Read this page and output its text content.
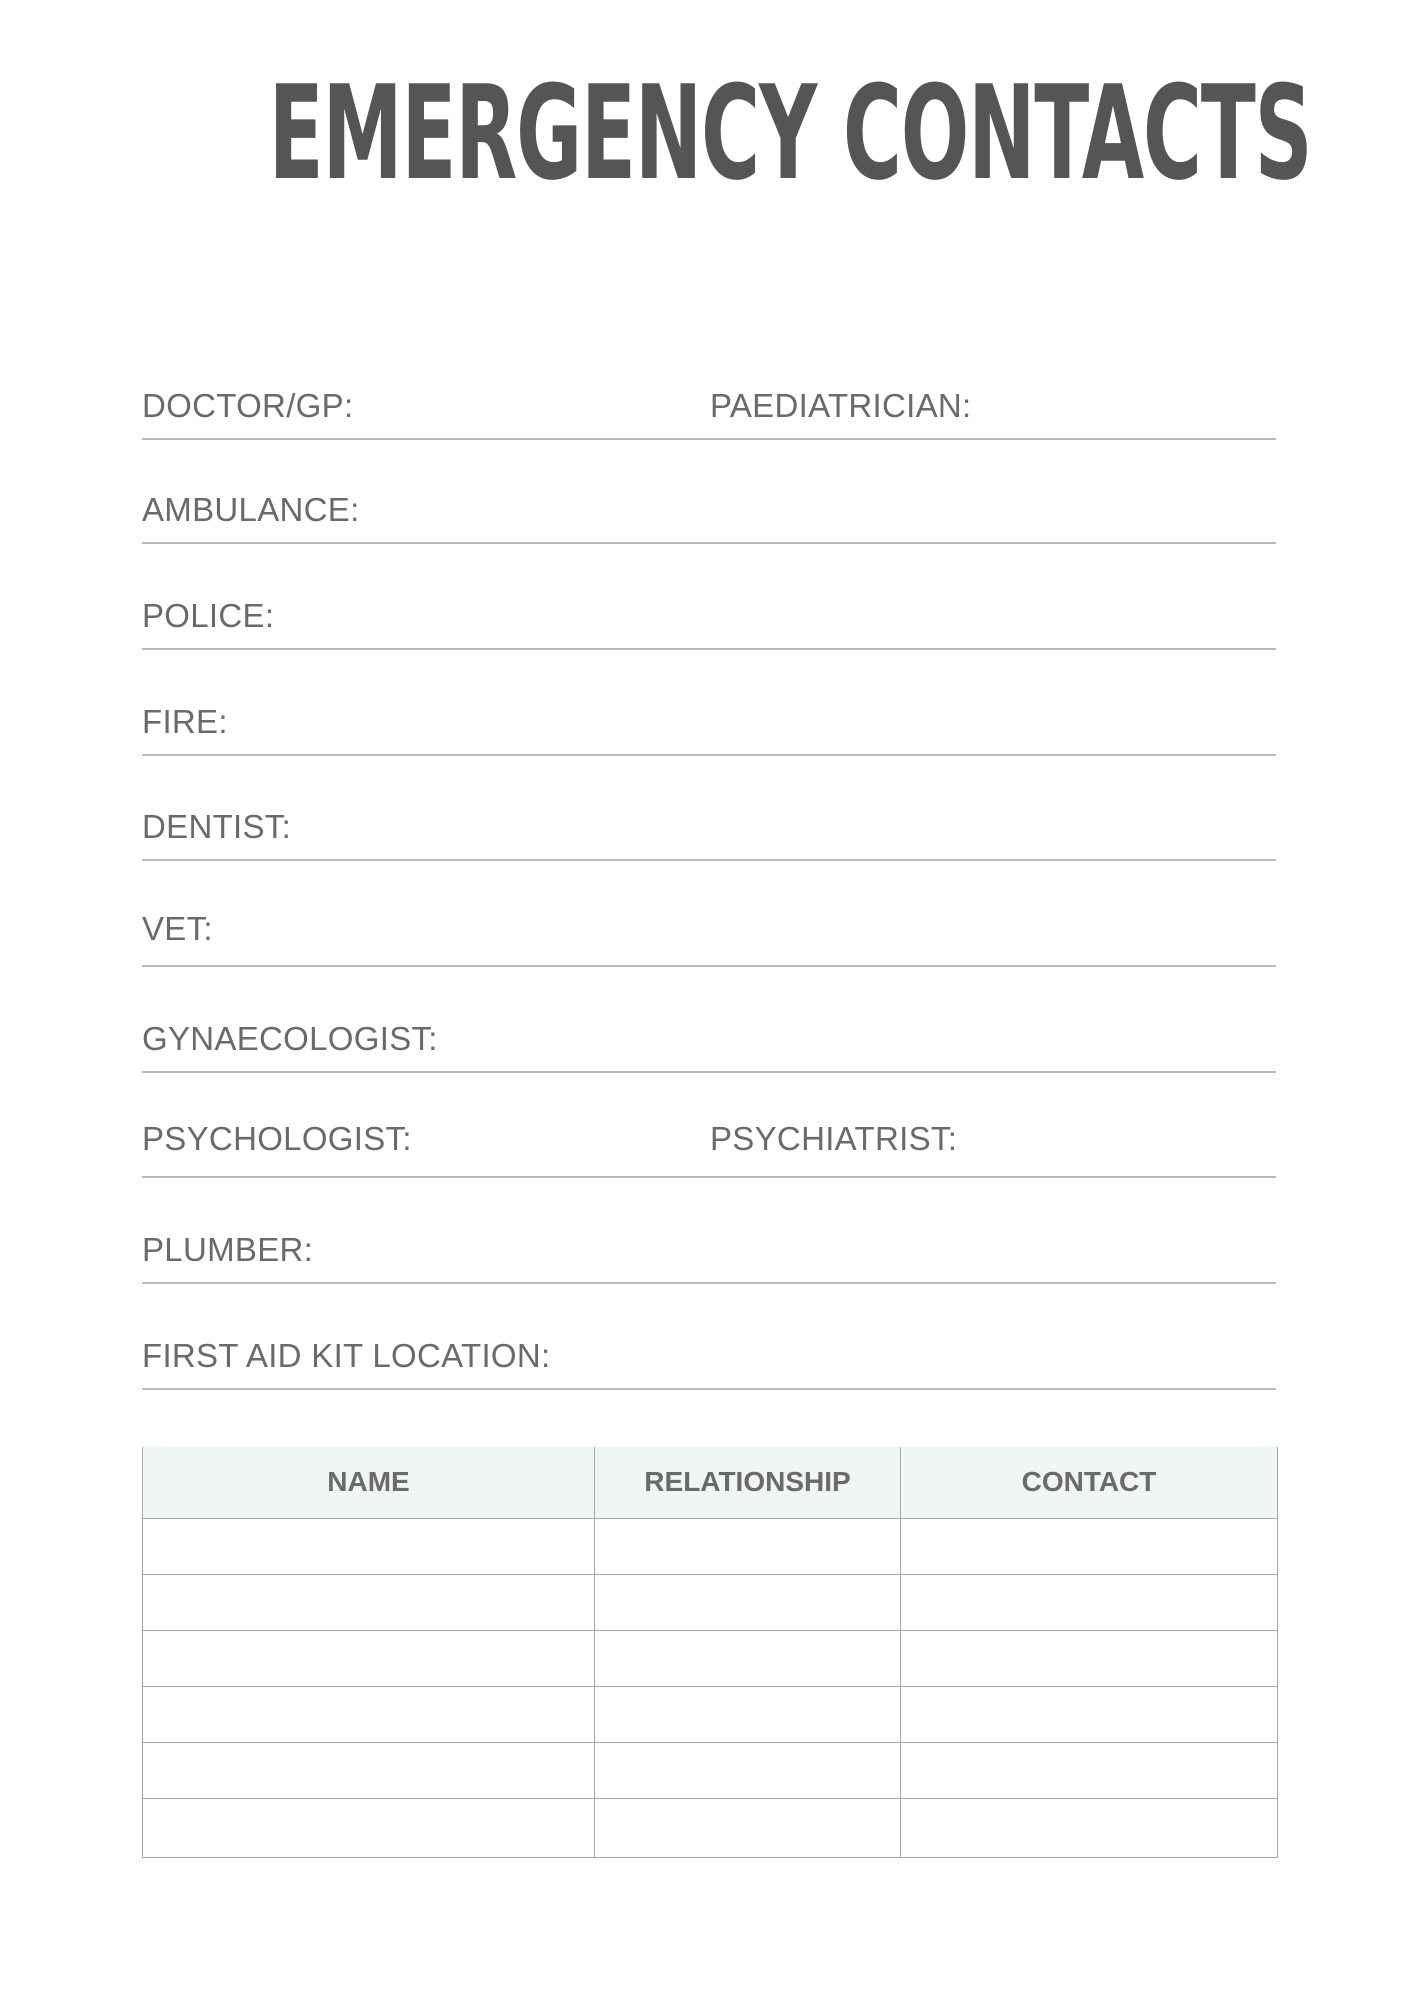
EMERGENCY CONTACTS
DOCTOR/GP:	PAEDIATRICIAN:
AMBULANCE:
POLICE:
FIRE:
DENTIST:
VET:
GYNAECOLOGIST:
PSYCHOLOGIST:	PSYCHIATRIST:
PLUMBER:
FIRST AID KIT LOCATION:
NAME	RELATIONSHIP	CONTACT
